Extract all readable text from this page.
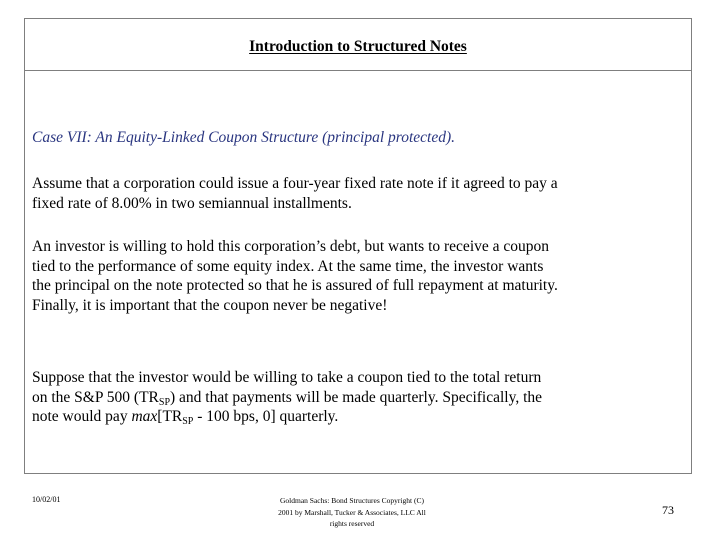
Introduction to Structured Notes

Case VII: An Equity-Linked Coupon Structure (principal protected).

Assume that a corporation could issue a four-year fixed rate note if it agreed to pay a
fixed rate of 8.00% in two semiannual installments.
An investor is willing to hold this corporation’s debt, but wants to receive a coupon
tied to the performance of some equity index. At the same time, the investor wants
the principal on the note protected so that he is assured of full repayment at maturity.
Finally, it is important that the coupon never be negative!
Suppose that the investor would be willing to take a coupon tied to the total return
on the S&P 500 $(TR_{SP})$ and that payments will be made quarterly. Specifically, the
note would pay $\max[TR_{SP} - 100$ bps, 0] quarterly.
10/02/01	Goldman Sachs: Bond Structures Copyright (C)
2001 by Marshall, Tucker & Associates, LLC All
rights reserved
73
